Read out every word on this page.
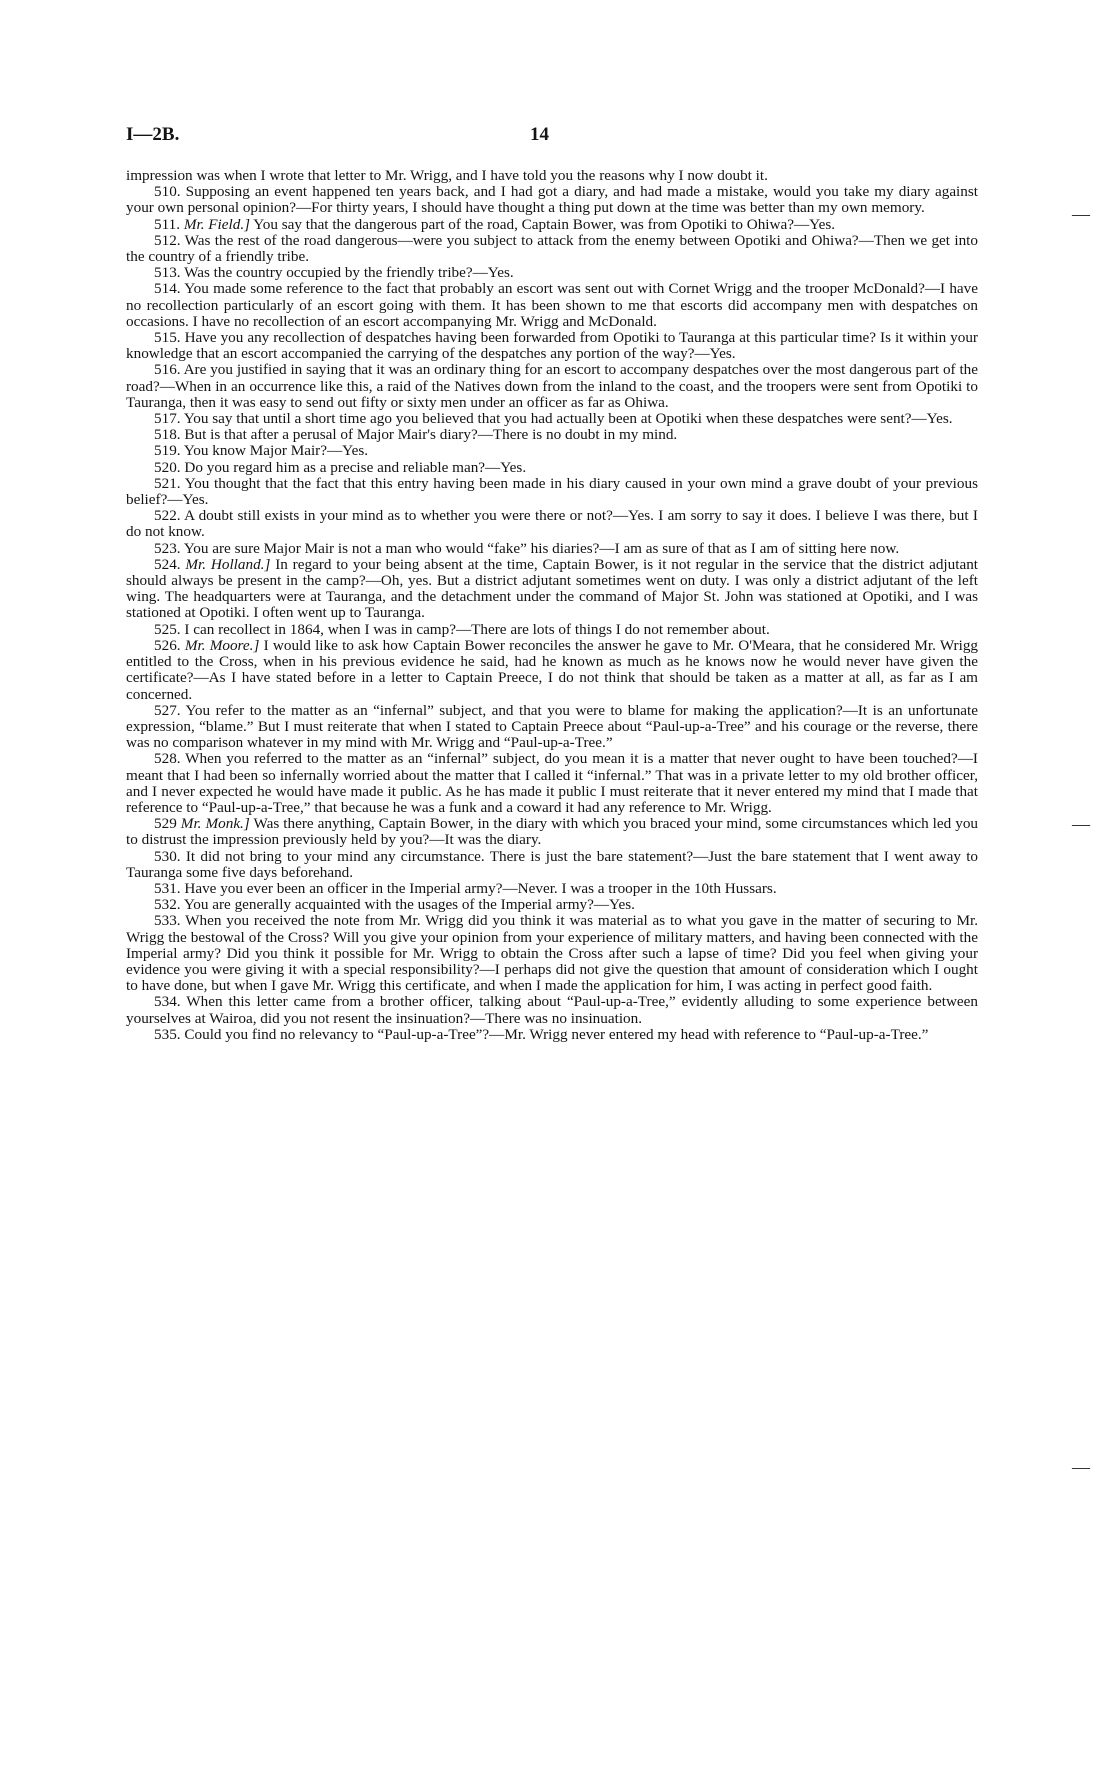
I—2B.	14

impression was when I wrote that letter to Mr. Wrigg, and I have told you the reasons why I now doubt it.

510. Supposing an event happened ten years back, and I had got a diary, and had made a mistake, would you take my diary against your own personal opinion?—For thirty years, I should have thought a thing put down at the time was better than my own memory.

511. Mr. Field.] You say that the dangerous part of the road, Captain Bower, was from Opotiki to Ohiwa?—Yes.

512. Was the rest of the road dangerous—were you subject to attack from the enemy between Opotiki and Ohiwa?—Then we get into the country of a friendly tribe.

513. Was the country occupied by the friendly tribe?—Yes.

514. You made some reference to the fact that probably an escort was sent out with Cornet Wrigg and the trooper McDonald?—I have no recollection particularly of an escort going with them. It has been shown to me that escorts did accompany men with despatches on occasions. I have no recollection of an escort accompanying Mr. Wrigg and McDonald.

515. Have you any recollection of despatches having been forwarded from Opotiki to Tauranga at this particular time? Is it within your knowledge that an escort accompanied the carrying of the despatches any portion of the way?—Yes.

516. Are you justified in saying that it was an ordinary thing for an escort to accompany despatches over the most dangerous part of the road?—When in an occurrence like this, a raid of the Natives down from the inland to the coast, and the troopers were sent from Opotiki to Tauranga, then it was easy to send out fifty or sixty men under an officer as far as Ohiwa.

517. You say that until a short time ago you believed that you had actually been at Opotiki when these despatches were sent?—Yes.

518. But is that after a perusal of Major Mair's diary?—There is no doubt in my mind.

519. You know Major Mair?—Yes.

520. Do you regard him as a precise and reliable man?—Yes.

521. You thought that the fact that this entry having been made in his diary caused in your own mind a grave doubt of your previous belief?—Yes.

522. A doubt still exists in your mind as to whether you were there or not?—Yes. I am sorry to say it does. I believe I was there, but I do not know.

523. You are sure Major Mair is not a man who would “fake” his diaries?—I am as sure of that as I am of sitting here now.

524. Mr. Holland.] In regard to your being absent at the time, Captain Bower, is it not regular in the service that the district adjutant should always be present in the camp?—Oh, yes. But a district adjutant sometimes went on duty. I was only a district adjutant of the left wing. The headquarters were at Tauranga, and the detachment under the command of Major St. John was stationed at Opotiki, and I was stationed at Opotiki. I often went up to Tauranga.

525. I can recollect in 1864, when I was in camp?—There are lots of things I do not remember about.

526. Mr. Moore.] I would like to ask how Captain Bower reconciles the answer he gave to Mr. O'Meara, that he considered Mr. Wrigg entitled to the Cross, when in his previous evidence he said, had he known as much as he knows now he would never have given the certificate?—As I have stated before in a letter to Captain Preece, I do not think that should be taken as a matter at all, as far as I am concerned.

527. You refer to the matter as an “infernal” subject, and that you were to blame for making the application?—It is an unfortunate expression, “blame.” But I must reiterate that when I stated to Captain Preece about “Paul-up-a-Tree” and his courage or the reverse, there was no comparison whatever in my mind with Mr. Wrigg and “Paul-up-a-Tree.”

528. When you referred to the matter as an “infernal” subject, do you mean it is a matter that never ought to have been touched?—I meant that I had been so infernally worried about the matter that I called it “infernal.” That was in a private letter to my old brother officer, and I never expected he would have made it public. As he has made it public I must reiterate that it never entered my mind that I made that reference to “Paul-up-a-Tree,” that because he was a funk and a coward it had any reference to Mr. Wrigg.

529 Mr. Monk.] Was there anything, Captain Bower, in the diary with which you braced your mind, some circumstances which led you to distrust the impression previously held by you?—It was the diary.

530. It did not bring to your mind any circumstance. There is just the bare statement?—Just the bare statement that I went away to Tauranga some five days beforehand.

531. Have you ever been an officer in the Imperial army?—Never. I was a trooper in the 10th Hussars.

532. You are generally acquainted with the usages of the Imperial army?—Yes.

533. When you received the note from Mr. Wrigg did you think it was material as to what you gave in the matter of securing to Mr. Wrigg the bestowal of the Cross? Will you give your opinion from your experience of military matters, and having been connected with the Imperial army? Did you think it possible for Mr. Wrigg to obtain the Cross after such a lapse of time? Did you feel when giving your evidence you were giving it with a special responsibility?—I perhaps did not give the question that amount of consideration which I ought to have done, but when I gave Mr. Wrigg this certificate, and when I made the application for him, I was acting in perfect good faith.

534. When this letter came from a brother officer, talking about “Paul-up-a-Tree,” evidently alluding to some experience between yourselves at Wairoa, did you not resent the insinuation?—There was no insinuation.

535. Could you find no relevancy to “Paul-up-a-Tree”?—Mr. Wrigg never entered my head with reference to “Paul-up-a-Tree.”

—
—
—
